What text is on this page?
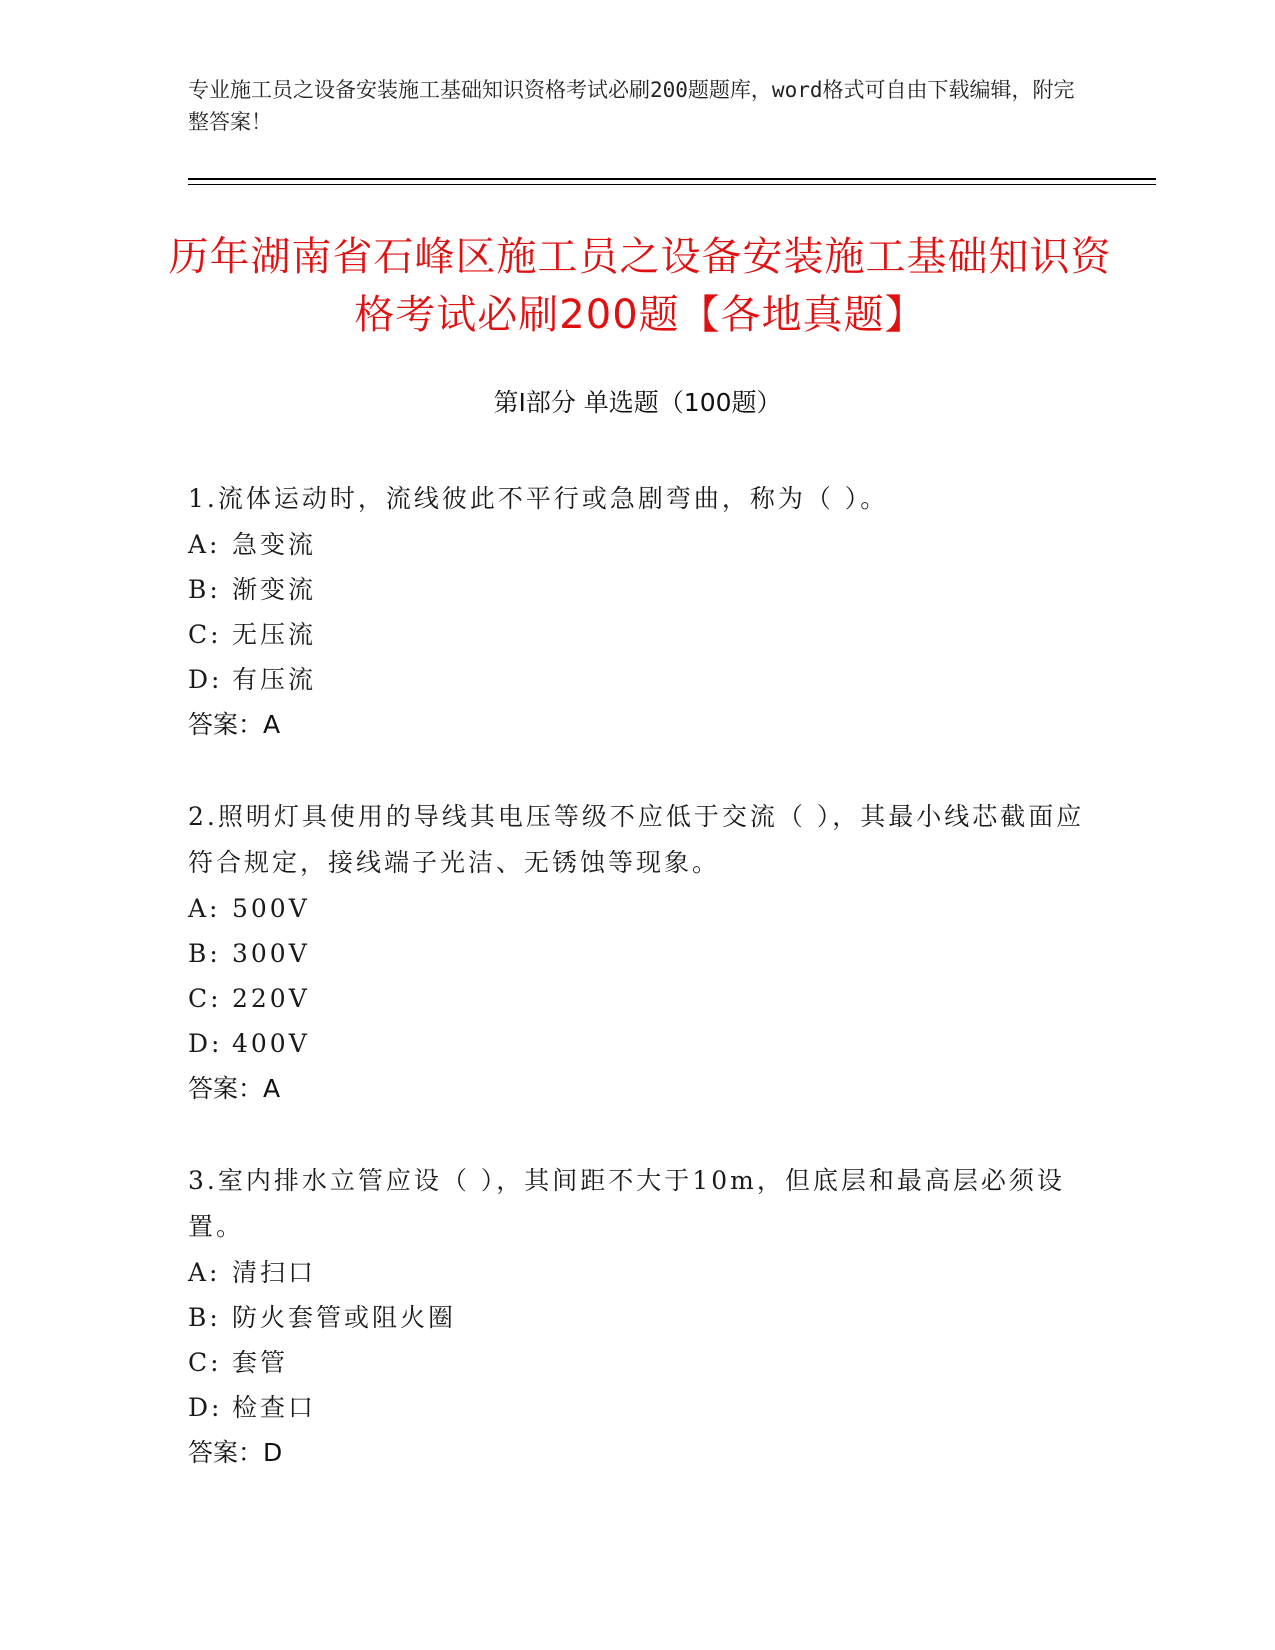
专业施工员之设备安装施工基础知识资格考试必刷200题题库，word格式可自由下载编辑，附完整答案！
历年湖南省石峰区施工员之设备安装施工基础知识资格考试必刷200题【各地真题】
第Ⅰ部分 单选题（100题）
1.流体运动时，流线彼此不平行或急剧弯曲，称为（ ）。
A: 急变流
B: 渐变流
C: 无压流
D: 有压流
答案：A
2.照明灯具使用的导线其电压等级不应低于交流（ ），其最小线芯截面应符合规定，接线端子光洁、无锈蚀等现象。
A: 500V
B: 300V
C: 220V
D: 400V
答案：A
3.室内排水立管应设（ ），其间距不大于10m，但底层和最高层必须设置。
A: 清扫口
B: 防火套管或阻火圈
C: 套管
D: 检查口
答案：D
